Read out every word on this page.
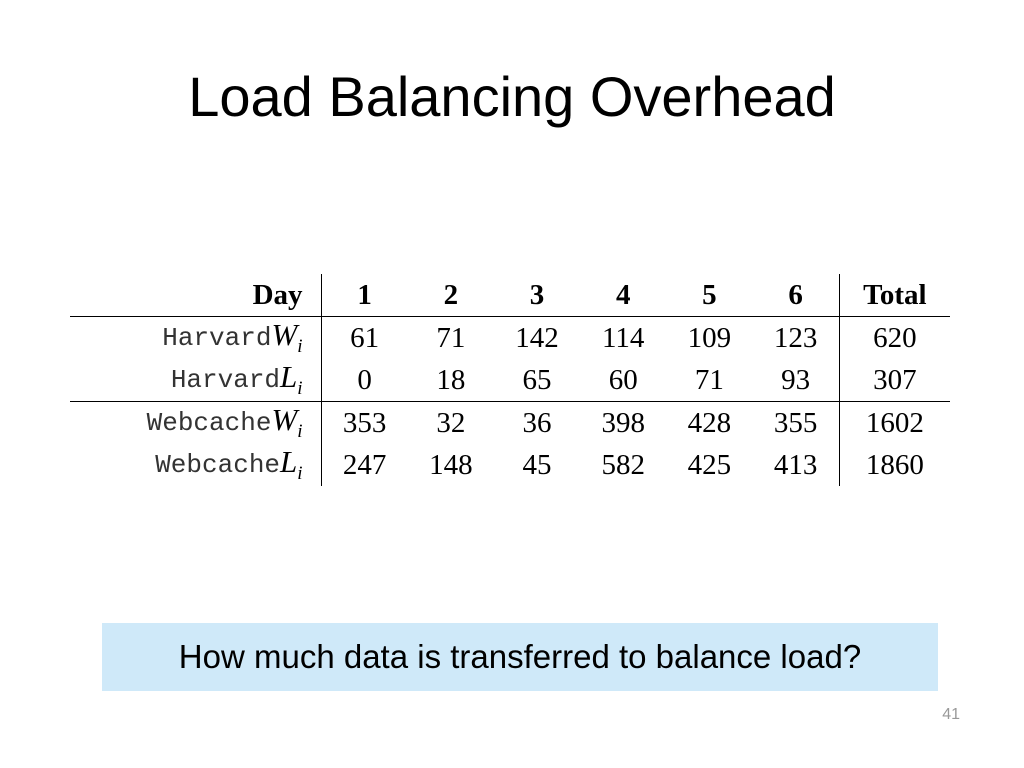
Load Balancing Overhead
Day	1	2	3	4	5	6	Total
HarvardW$_i$	61	71	142	114	109	123	620
HarvardL$_i$	0	18	65	60	71	93	307
WebcacheW$_i$	353	32	36	398	428	355	1602
WebcacheL$_i$	247	148	45	582	425	413	1860
How much data is transferred to balance load?
41
